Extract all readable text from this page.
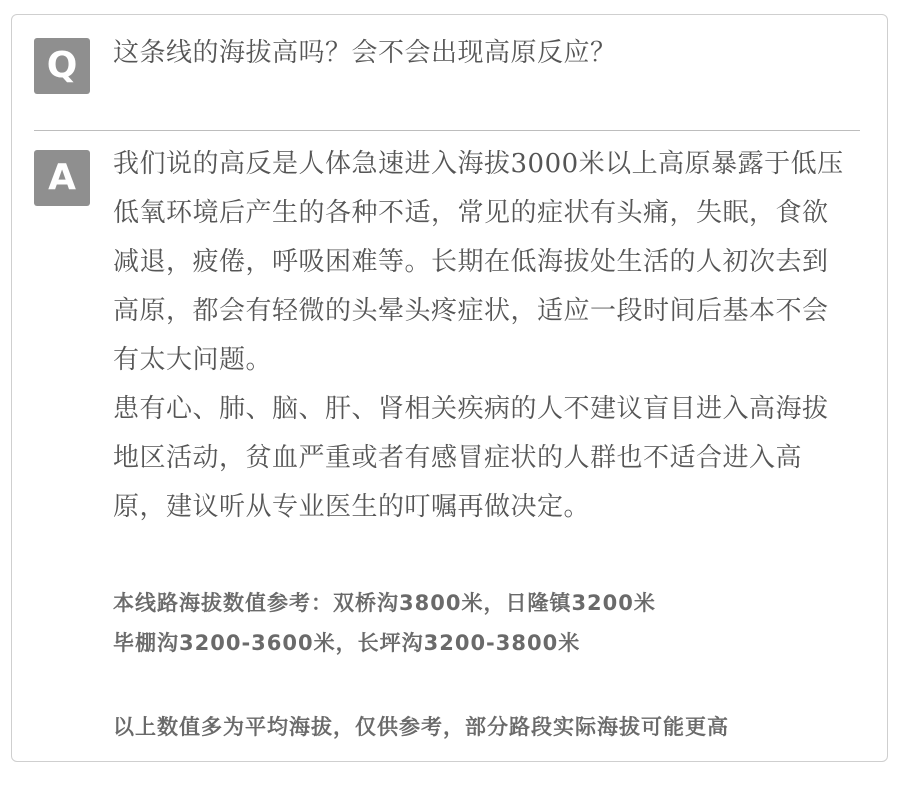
Q	这条线的海拔高吗？会不会出现高原反应？
A	我们说的高反是人体急速进入海拔3000米以上高原暴露于低压低氧环境后产生的各种不适，常见的症状有头痛，失眠，食欲减退，疲倦，呼吸困难等。长期在低海拔处生活的人初次去到高原，都会有轻微的头晕头疼症状，适应一段时间后基本不会有太大问题。

患有心、肺、脑、肝、肾相关疾病的人不建议盲目进入高海拔地区活动，贫血严重或者有感冒症状的人群也不适合进入高原，建议听从专业医生的叮嘱再做决定。

本线路海拔数值参考：双桥沟3800米，日隆镇3200米

毕棚沟3200-3600米，长坪沟3200-3800米

以上数值多为平均海拔，仅供参考，部分路段实际海拔可能更高
